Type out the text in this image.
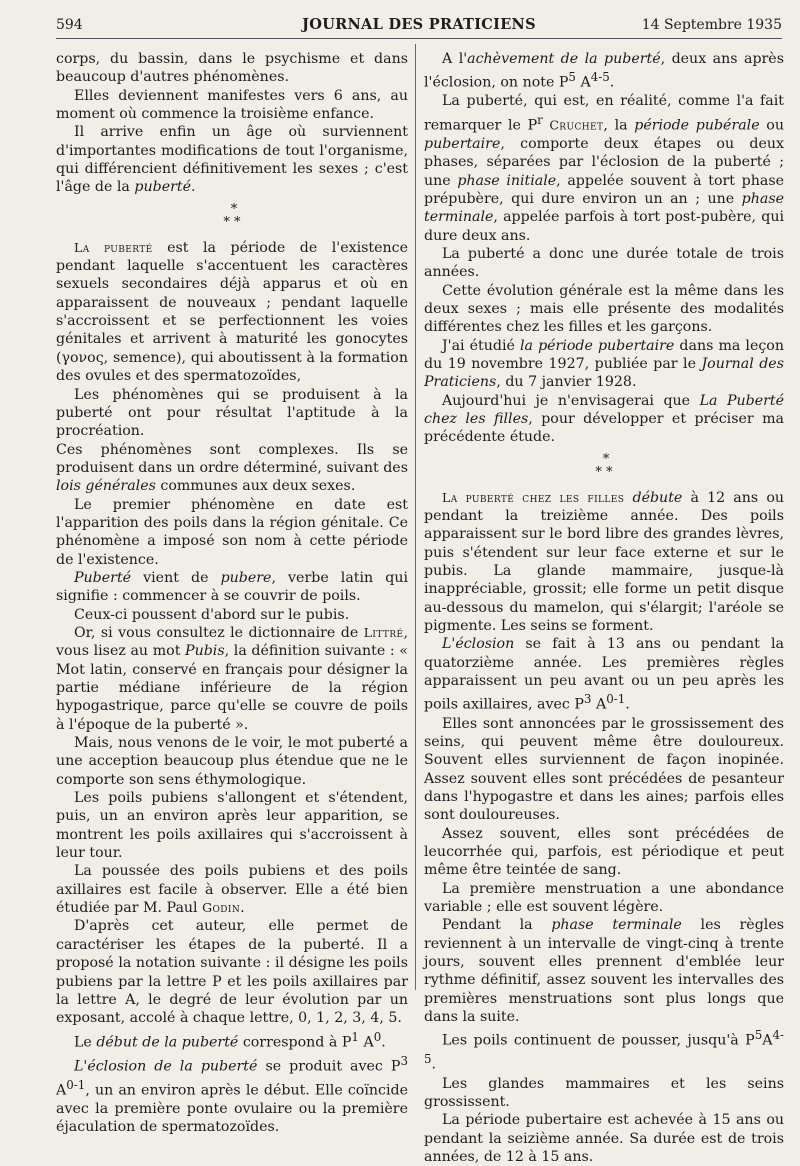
594	JOURNAL DES PRATICIENS	14 Septembre 1935

corps, du bassin, dans le psychisme et dans beaucoup d'autres phénomènes.

Elles deviennent manifestes vers 6 ans, au moment où commence la troisième enfance.

Il arrive enfin un âge où surviennent d'importantes modifications de tout l'organisme, qui différencient définitivement les sexes ; c'est l'âge de la puberté.

*
* *

La puberté est la période de l'existence pendant laquelle s'accentuent les caractères sexuels secondaires déjà apparus et où en apparaissent de nouveaux ; pendant laquelle s'accroissent et se perfectionnent les voies génitales et arrivent à maturité les gonocytes (γονος, semence), qui aboutissent à la formation des ovules et des spermatozoïdes,

Les phénomènes qui se produisent à la puberté ont pour résultat l'aptitude à la procréation.

Ces phénomènes sont complexes. Ils se produisent dans un ordre déterminé, suivant des lois générales communes aux deux sexes.

Le premier phénomène en date est l'apparition des poils dans la région génitale. Ce phénomène a imposé son nom à cette période de l'existence.

Puberté vient de pubere, verbe latin qui signifie : commencer à se couvrir de poils.

Ceux-ci poussent d'abord sur le pubis.

Or, si vous consultez le dictionnaire de Littré, vous lisez au mot Pubis, la définition suivante : « Mot latin, conservé en français pour désigner la partie médiane inférieure de la région hypogastrique, parce qu'elle se couvre de poils à l'époque de la puberté ».

Mais, nous venons de le voir, le mot puberté a une acception beaucoup plus étendue que ne le comporte son sens éthymologique.

Les poils pubiens s'allongent et s'étendent, puis, un an environ après leur apparition, se montrent les poils axillaires qui s'accroissent à leur tour.

La poussée des poils pubiens et des poils axillaires est facile à observer. Elle a été bien étudiée par M. Paul Godin.

D'après cet auteur, elle permet de caractériser les étapes de la puberté. Il a proposé la notation suivante : il désigne les poils pubiens par la lettre P et les poils axillaires par la lettre A, le degré de leur évolution par un exposant, accolé à chaque lettre, 0, 1, 2, 3, 4, 5.

Le début de la puberté correspond à $P^1$ $A^0$.

L'éclosion de la puberté se produit avec $P^3$ $A^{0-1}$, un an environ après le début. Elle coïncide avec la première ponte ovulaire ou la première éjaculation de spermatozoïdes.

A l'achèvement de la puberté, deux ans après l'éclosion, on note $P^5$ $A^{4-5}$.

La puberté, qui est, en réalité, comme l'a fait remarquer le $P^r$ Cruchet, la période pubérale ou pubertaire, comporte deux étapes ou deux phases, séparées par l'éclosion de la puberté ; une phase initiale, appelée souvent à tort phase prépubère, qui dure environ un an ; une phase terminale, appelée parfois à tort post-pubère, qui dure deux ans.

La puberté a donc une durée totale de trois années.

Cette évolution générale est la même dans les deux sexes ; mais elle présente des modalités différentes chez les filles et les garçons.

J'ai étudié la période pubertaire dans ma leçon du 19 novembre 1927, publiée par le Journal des Praticiens, du 7 janvier 1928.

Aujourd'hui je n'envisagerai que La Puberté chez les filles, pour développer et préciser ma précédente étude.

*
* *

La puberté chez les filles débute à 12 ans ou pendant la treizième année. Des poils apparaissent sur le bord libre des grandes lèvres, puis s'étendent sur leur face externe et sur le pubis. La glande mammaire, jusque-là inappréciable, grossit; elle forme un petit disque au-dessous du mamelon, qui s'élargit; l'aréole se pigmente. Les seins se forment.

L'éclosion se fait à 13 ans ou pendant la quatorzième année. Les premières règles apparaissent un peu avant ou un peu après les poils axillaires, avec $P^3$ $A^{0-1}$.

Elles sont annoncées par le grossissement des seins, qui peuvent même être douloureux. Souvent elles surviennent de façon inopinée. Assez souvent elles sont précédées de pesanteur dans l'hypogastre et dans les aines; parfois elles sont douloureuses.

Assez souvent, elles sont précédées de leucorrhée qui, parfois, est périodique et peut même être teintée de sang.

La première menstruation a une abondance variable ; elle est souvent légère.

Pendant la phase terminale les règles reviennent à un intervalle de vingt-cinq à trente jours, souvent elles prennent d'emblée leur rythme définitif, assez souvent les intervalles des premières menstruations sont plus longs que dans la suite.

Les poils continuent de pousser, jusqu'à $P^5A^{4-5}$.

Les glandes mammaires et les seins grossissent.

La période pubertaire est achevée à 15 ans ou pendant la seizième année. Sa durée est de trois années, de 12 à 15 ans.
